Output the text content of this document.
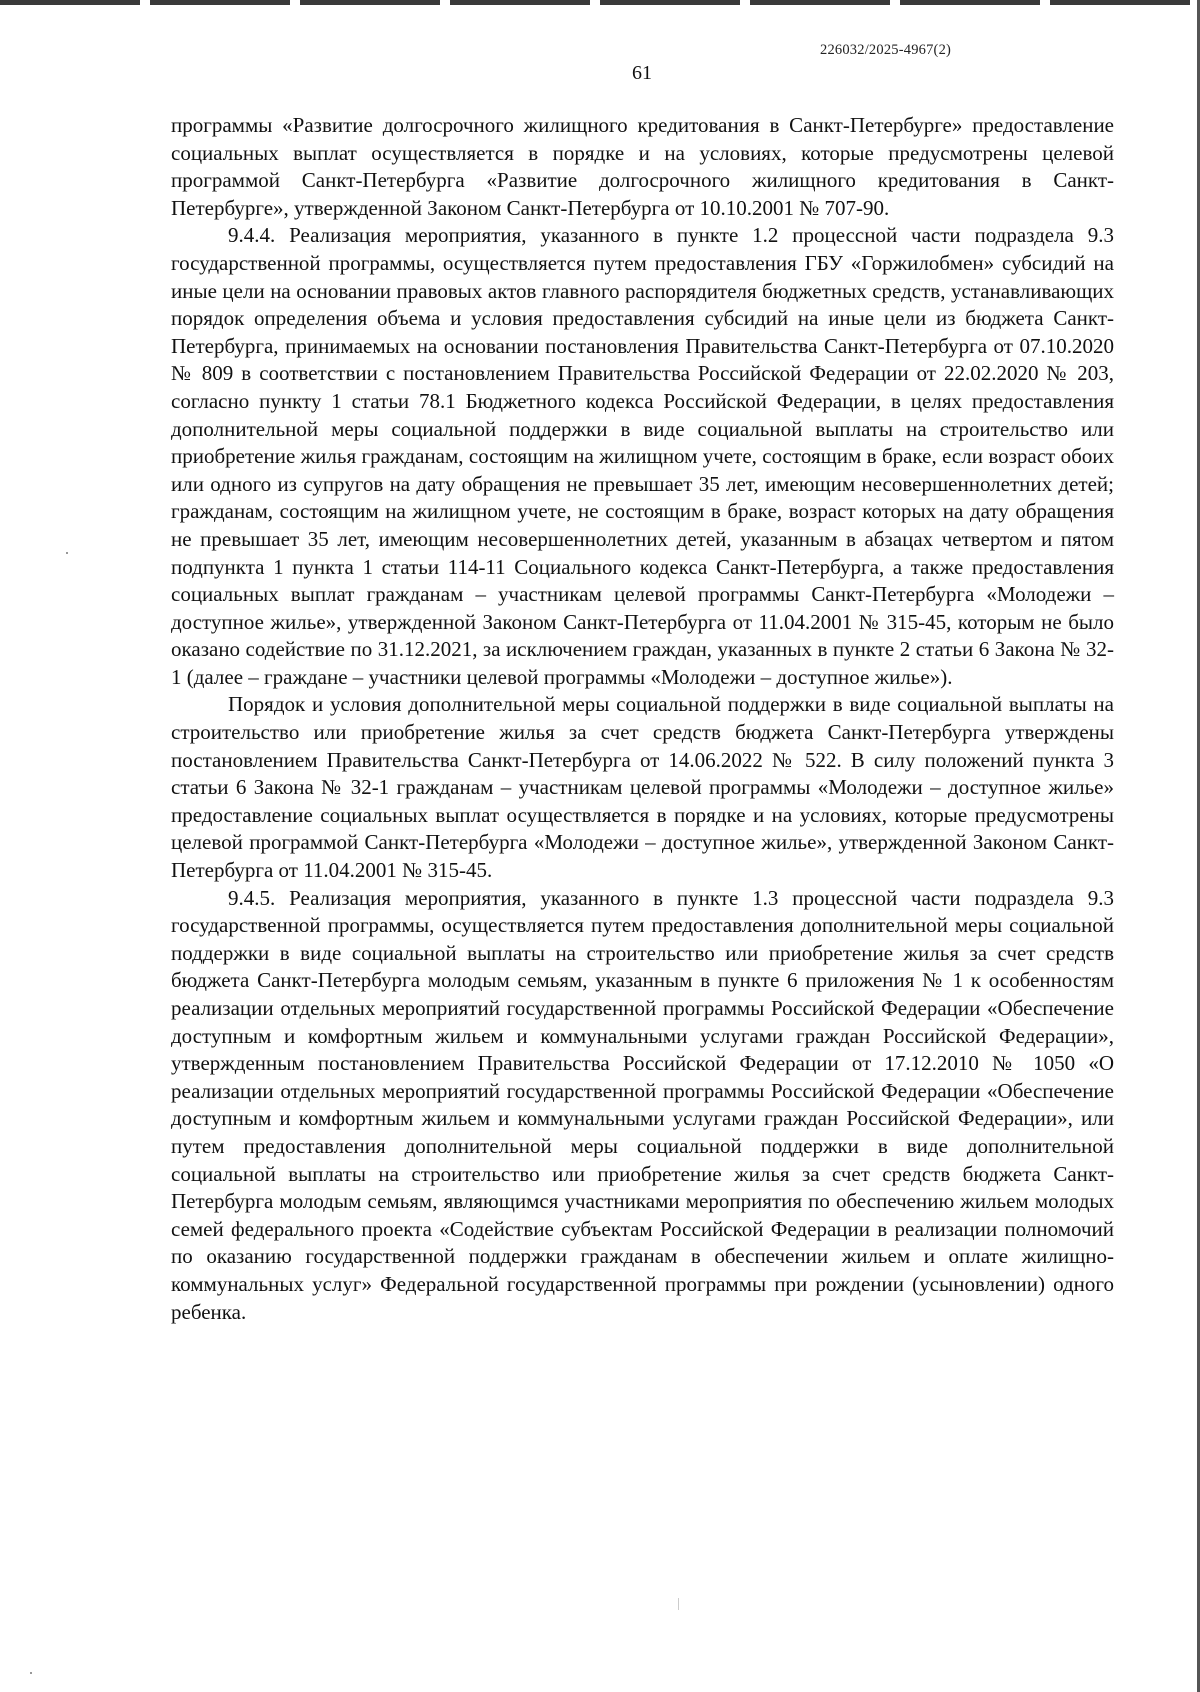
226032/2025-4967(2)
61

программы «Развитие долгосрочного жилищного кредитования в Санкт-Петербурге» предоставление социальных выплат осуществляется в порядке и на условиях, которые предусмотрены целевой программой Санкт-Петербурга «Развитие долгосрочного жилищного кредитования в Санкт-Петербурге», утвержденной Законом Санкт-Петербурга от 10.10.2001 № 707-90.

9.4.4. Реализация мероприятия, указанного в пункте 1.2 процессной части подраздела 9.3 государственной программы, осуществляется путем предоставления ГБУ «Горжилобмен» субсидий на иные цели на основании правовых актов главного распорядителя бюджетных средств, устанавливающих порядок определения объема и условия предоставления субсидий на иные цели из бюджета Санкт-Петербурга, принимаемых на основании постановления Правительства Санкт-Петербурга от 07.10.2020 № 809 в соответствии с постановлением Правительства Российской Федерации от 22.02.2020 № 203, согласно пункту 1 статьи 78.1 Бюджетного кодекса Российской Федерации, в целях предоставления дополнительной меры социальной поддержки в виде социальной выплаты на строительство или приобретение жилья гражданам, состоящим на жилищном учете, состоящим в браке, если возраст обоих или одного из супругов на дату обращения не превышает 35 лет, имеющим несовершеннолетних детей; гражданам, состоящим на жилищном учете, не состоящим в браке, возраст которых на дату обращения не превышает 35 лет, имеющим несовершеннолетних детей, указанным в абзацах четвертом и пятом подпункта 1 пункта 1 статьи 114-11 Социального кодекса Санкт-Петербурга, а также предоставления социальных выплат гражданам – участникам целевой программы Санкт-Петербурга «Молодежи – доступное жилье», утвержденной Законом Санкт-Петербурга от 11.04.2001 № 315-45, которым не было оказано содействие по 31.12.2021, за исключением граждан, указанных в пункте 2 статьи 6 Закона № 32-1 (далее – граждане – участники целевой программы «Молодежи – доступное жилье»).

Порядок и условия дополнительной меры социальной поддержки в виде социальной выплаты на строительство или приобретение жилья за счет средств бюджета Санкт-Петербурга утверждены постановлением Правительства Санкт-Петербурга от 14.06.2022 № 522. В силу положений пункта 3 статьи 6 Закона № 32-1 гражданам – участникам целевой программы «Молодежи – доступное жилье» предоставление социальных выплат осуществляется в порядке и на условиях, которые предусмотрены целевой программой Санкт-Петербурга «Молодежи – доступное жилье», утвержденной Законом Санкт-Петербурга от 11.04.2001 № 315-45.

9.4.5. Реализация мероприятия, указанного в пункте 1.3 процессной части подраздела 9.3 государственной программы, осуществляется путем предоставления дополнительной меры социальной поддержки в виде социальной выплаты на строительство или приобретение жилья за счет средств бюджета Санкт-Петербурга молодым семьям, указанным в пункте 6 приложения № 1 к особенностям реализации отдельных мероприятий государственной программы Российской Федерации «Обеспечение доступным и комфортным жильем и коммунальными услугами граждан Российской Федерации», утвержденным постановлением Правительства Российской Федерации от 17.12.2010 № 1050 «О реализации отдельных мероприятий государственной программы Российской Федерации «Обеспечение доступным и комфортным жильем и коммунальными услугами граждан Российской Федерации», или путем предоставления дополнительной меры социальной поддержки в виде дополнительной социальной выплаты на строительство или приобретение жилья за счет средств бюджета Санкт-Петербурга молодым семьям, являющимся участниками мероприятия по обеспечению жильем молодых семей федерального проекта «Содействие субъектам Российской Федерации в реализации полномочий по оказанию государственной поддержки гражданам в обеспечении жильем и оплате жилищно-коммунальных услуг» Федеральной государственной программы при рождении (усыновлении) одного ребенка.
